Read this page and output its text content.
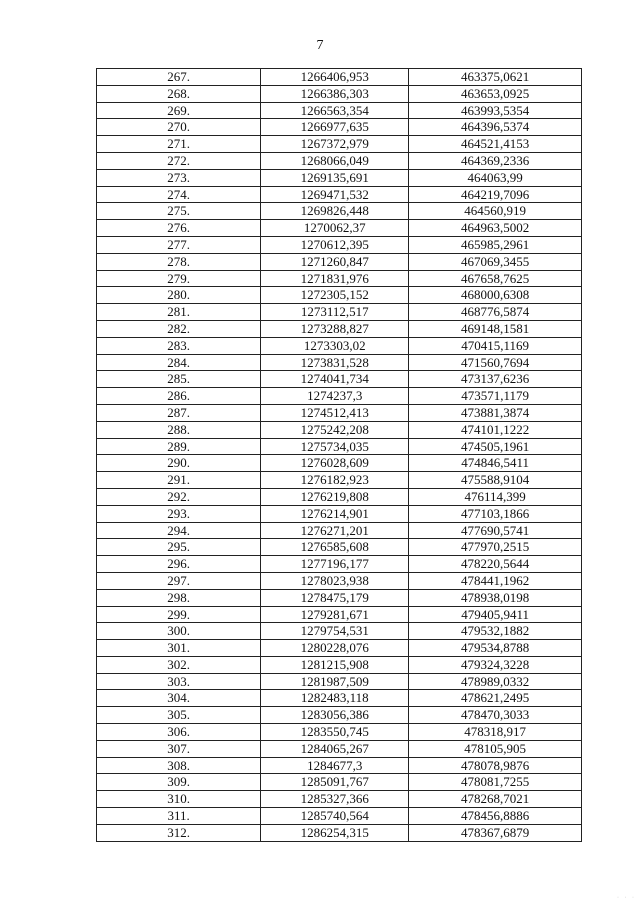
7
267.	1266406,953	463375,0621
268.	1266386,303	463653,0925
269.	1266563,354	463993,5354
270.	1266977,635	464396,5374
271.	1267372,979	464521,4153
272.	1268066,049	464369,2336
273.	1269135,691	464063,99
274.	1269471,532	464219,7096
275.	1269826,448	464560,919
276.	1270062,37	464963,5002
277.	1270612,395	465985,2961
278.	1271260,847	467069,3455
279.	1271831,976	467658,7625
280.	1272305,152	468000,6308
281.	1273112,517	468776,5874
282.	1273288,827	469148,1581
283.	1273303,02	470415,1169
284.	1273831,528	471560,7694
285.	1274041,734	473137,6236
286.	1274237,3	473571,1179
287.	1274512,413	473881,3874
288.	1275242,208	474101,1222
289.	1275734,035	474505,1961
290.	1276028,609	474846,5411
291.	1276182,923	475588,9104
292.	1276219,808	476114,399
293.	1276214,901	477103,1866
294.	1276271,201	477690,5741
295.	1276585,608	477970,2515
296.	1277196,177	478220,5644
297.	1278023,938	478441,1962
298.	1278475,179	478938,0198
299.	1279281,671	479405,9411
300.	1279754,531	479532,1882
301.	1280228,076	479534,8788
302.	1281215,908	479324,3228
303.	1281987,509	478989,0332
304.	1282483,118	478621,2495
305.	1283056,386	478470,3033
306.	1283550,745	478318,917
307.	1284065,267	478105,905
308.	1284677,3	478078,9876
309.	1285091,767	478081,7255
310.	1285327,366	478268,7021
311.	1285740,564	478456,8886
312.	1286254,315	478367,6879
· · ·
